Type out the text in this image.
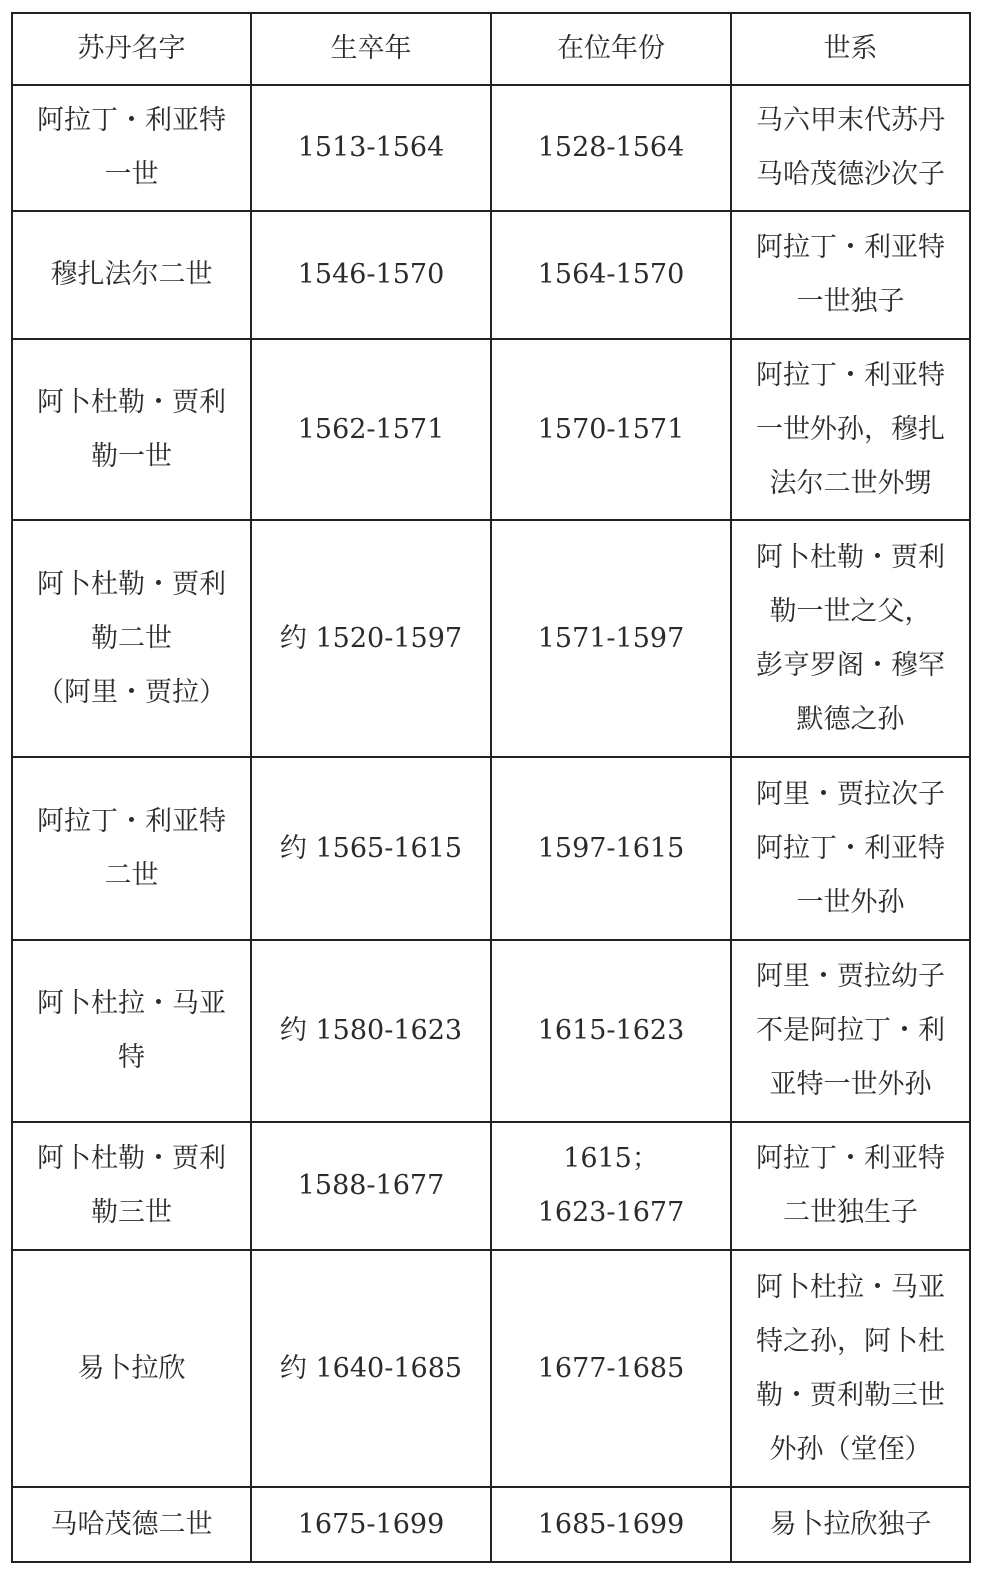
苏丹名字	生卒年	在位年份	世系

阿拉丁・利亚特
一世	1513-1564	1528-1564	马六甲末代苏丹
马哈茂德沙次子

穆扎法尔二世	1546-1570	1564-1570	阿拉丁・利亚特
一世独子

阿卜杜勒・贾利
勒一世	1562-1571	1570-1571	阿拉丁・利亚特
一世外孙，穆扎
法尔二世外甥

阿卜杜勒・贾利
勒二世
（阿里・贾拉）	约 1520-1597	1571-1597	阿卜杜勒・贾利
勒一世之父，
彭亨罗阁・穆罕
默德之孙

阿拉丁・利亚特
二世	约 1565-1615	1597-1615	阿里・贾拉次子
阿拉丁・利亚特
一世外孙

阿卜杜拉・马亚
特	约 1580-1623	1615-1623	阿里・贾拉幼子
不是阿拉丁・利
亚特一世外孙

阿卜杜勒・贾利
勒三世	1588-1677	1615；
1623-1677	阿拉丁・利亚特
二世独生子

易卜拉欣	约 1640-1685	1677-1685	阿卜杜拉・马亚
特之孙，阿卜杜
勒・贾利勒三世
外孙（堂侄）

马哈茂德二世	1675-1699	1685-1699	易卜拉欣独子
